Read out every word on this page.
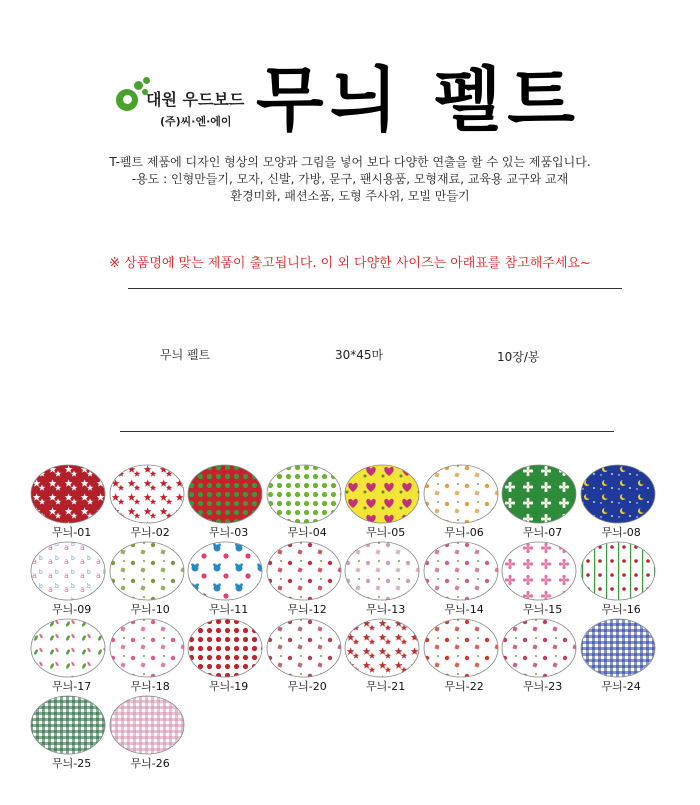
대원 우드보드
(주)씨·엔·에이 무늬 펠트
T-펠트 제품에 디자인 형상의 모양과 그림을 넣어 보다 다양한 연출을 할 수 있는 제품입니다.
-용도 : 인형만들기, 모자, 신발, 가방, 문구, 팬시용품, 모형재료, 교육용 교구와 교재
환경미화, 패션소품, 도형 주사위, 모빌 만들기
※ 상품명에 맞는 제품이 출고됩니다. 이 외 다양한 사이즈는 아래표를 참고해주세요~
무늬 펠트	30*45마	10장/봉
무늬-01	무늬-02	무늬-03	무늬-04	무늬-05	무늬-06	무늬-07	무늬-08
무늬-09	무늬-10	무늬-11	무늬-12	무늬-13	무늬-14	무늬-15	무늬-16
무늬-17	무늬-18	무늬-19	무늬-20	무늬-21	무늬-22	무늬-23	무늬-24
무늬-25	무늬-26
